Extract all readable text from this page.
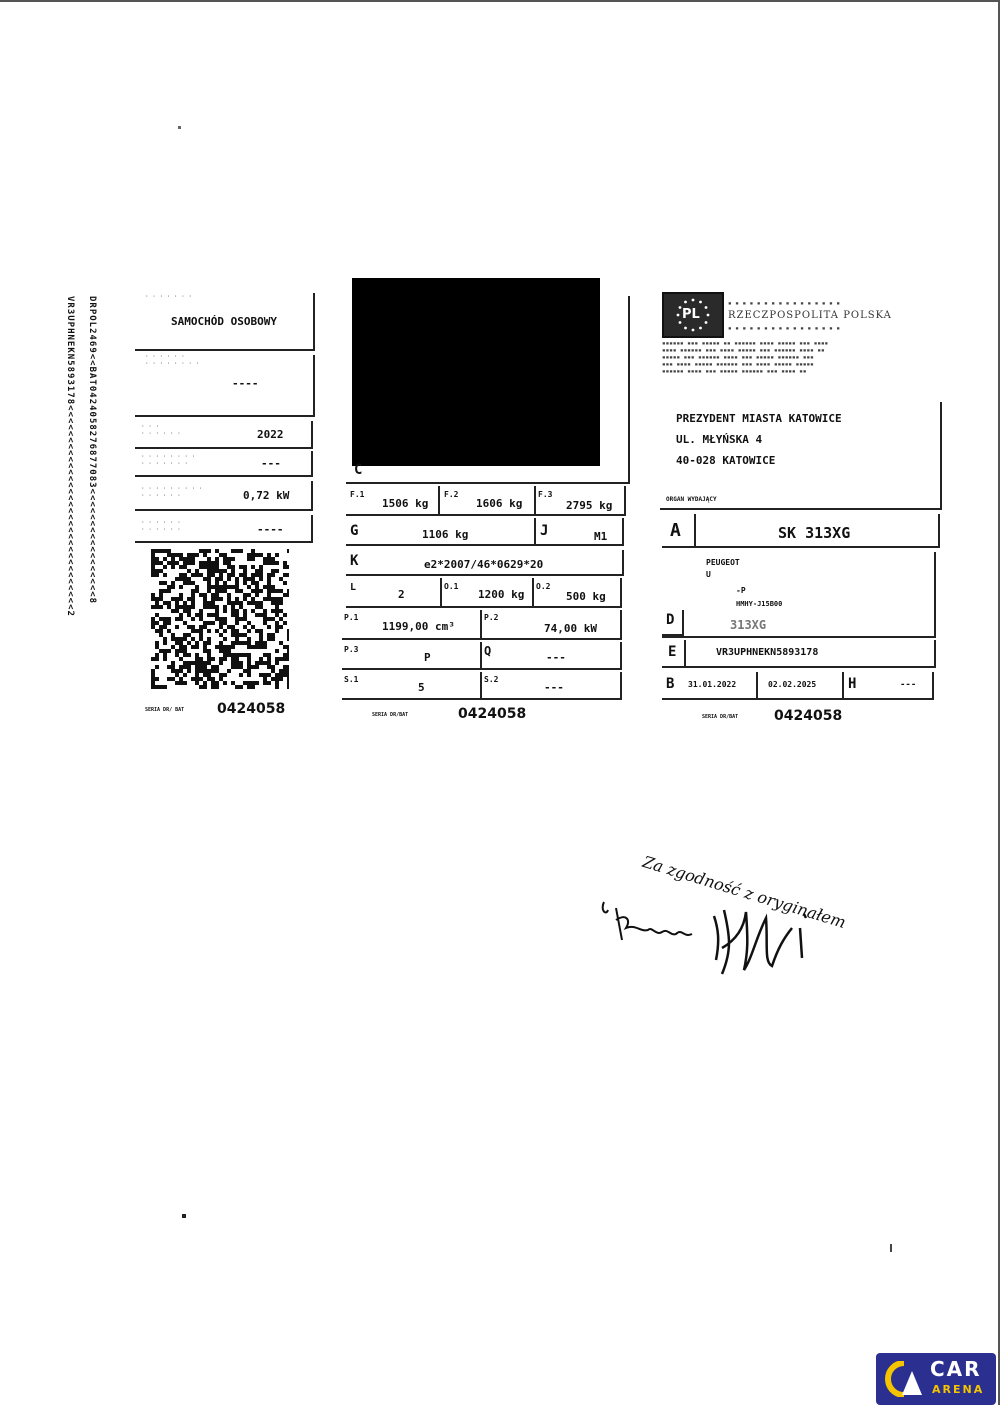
DRPOL2469<<BAT0424058276877083<<<<<<<<<<<<<<<<<8
VR3UPHNEKN5893178<<<<<<<<<<<<<<<<<<<<<<<<<<<<<<<<2	· · · · · · ·
SAMOCHÓD OSOBOWY
· · · · · ·
· · · · · · · ·
----
· · ·
· · · · · ·	2022
· · · · · · · ·
· · · · · · ·	---
· · · · · · · · ·
· · · · · ·	0,72 kW
· · · · · ·
· · · · · ·	----
SERIA DR/ BAT 0424058
C
F.1
1506 kg
F.2
1606 kg
F.3
2795 kg
G	1106 kg	J	M1
K	e2*2007/46*0629*20
L
2
O.1
1200 kg
O.2
500 kg
P.1
1199,00 cm³
P.2
74,00 kW
P.3
P	Q	---
S.1
5
S.2
---
SERIA DR/BAT	0424058
PL	RZECZPOSPOLITA POLSKA
▪ ▪ ▪ ▪ ▪ ▪ ▪ ▪ ▪ ▪ ▪ ▪ ▪ ▪ ▪ ▪
▪ ▪ ▪ ▪ ▪ ▪ ▪ ▪ ▪ ▪ ▪ ▪ ▪ ▪ ▪ ▪
▪▪▪▪▪▪ ▪▪▪ ▪▪▪▪▪ ▪▪ ▪▪▪▪▪▪ ▪▪▪▪ ▪▪▪▪▪ ▪▪▪ ▪▪▪▪
▪▪▪▪ ▪▪▪▪▪▪ ▪▪▪ ▪▪▪▪ ▪▪▪▪▪ ▪▪▪ ▪▪▪▪▪▪ ▪▪▪▪ ▪▪
▪▪▪▪▪ ▪▪▪ ▪▪▪▪▪▪ ▪▪▪▪ ▪▪▪ ▪▪▪▪▪ ▪▪▪▪▪▪ ▪▪▪
▪▪▪ ▪▪▪▪ ▪▪▪▪▪ ▪▪▪▪▪▪ ▪▪▪ ▪▪▪▪ ▪▪▪▪▪ ▪▪▪▪▪
▪▪▪▪▪▪ ▪▪▪▪ ▪▪▪ ▪▪▪▪▪ ▪▪▪▪▪▪ ▪▪▪ ▪▪▪▪ ▪▪
PREZYDENT MIASTA KATOWICE
UL. MŁYŃSKA 4
40-028 KATOWICE
ORGAN WYDAJĄCY
A	SK 313XG
PEUGEOT
U
-P
HMHY-J15B00
D	313XG
E	VR3UPHNEKN5893178
B 31.01.2022	02.02.2025 H	---
SERIA DR/BAT	0424058
Za zgodność z oryginałem
CAR
ARENA
